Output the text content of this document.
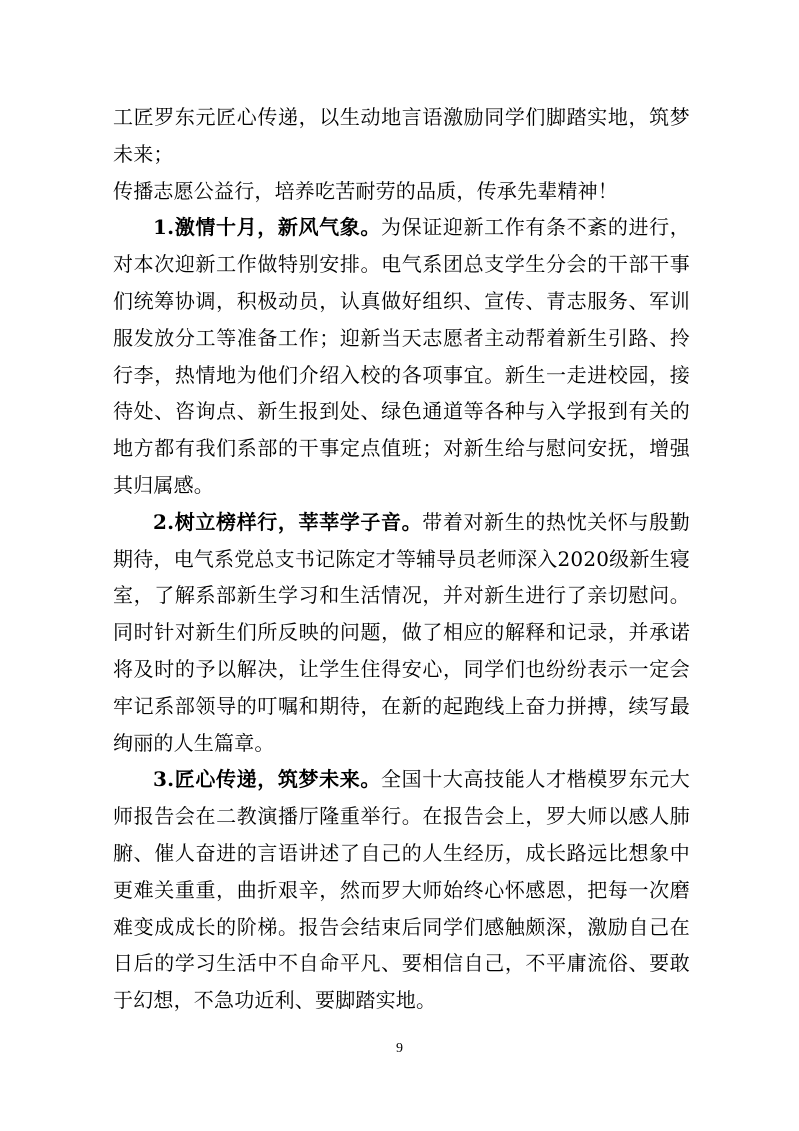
工匠罗东元匠心传递，以生动地言语激励同学们脚踏实地，筑梦未来；
传播志愿公益行，培养吃苦耐劳的品质，传承先辈精神！

1.激情十月，新风气象。为保证迎新工作有条不紊的进行，对本次迎新工作做特别安排。电气系团总支学生分会的干部干事们统筹协调，积极动员，认真做好组织、宣传、青志服务、军训服发放分工等准备工作；迎新当天志愿者主动帮着新生引路、拎行李，热情地为他们介绍入校的各项事宜。新生一走进校园，接待处、咨询点、新生报到处、绿色通道等各种与入学报到有关的地方都有我们系部的干事定点值班；对新生给与慰问安抚，增强其归属感。

2.树立榜样行，莘莘学子音。带着对新生的热忱关怀与殷勤期待，电气系党总支书记陈定才等辅导员老师深入2020级新生寝室，了解系部新生学习和生活情况，并对新生进行了亲切慰问。同时针对新生们所反映的问题，做了相应的解释和记录，并承诺将及时的予以解决，让学生住得安心，同学们也纷纷表示一定会牢记系部领导的叮嘱和期待，在新的起跑线上奋力拼搏，续写最绚丽的人生篇章。

3.匠心传递，筑梦未来。全国十大高技能人才楷模罗东元大师报告会在二教演播厅隆重举行。在报告会上，罗大师以感人肺腑、催人奋进的言语讲述了自己的人生经历，成长路远比想象中更难关重重，曲折艰辛，然而罗大师始终心怀感恩，把每一次磨难变成成长的阶梯。报告会结束后同学们感触颇深，激励自己在日后的学习生活中不自命平凡、要相信自己，不平庸流俗、要敢于幻想，不急功近利、要脚踏实地。

9
